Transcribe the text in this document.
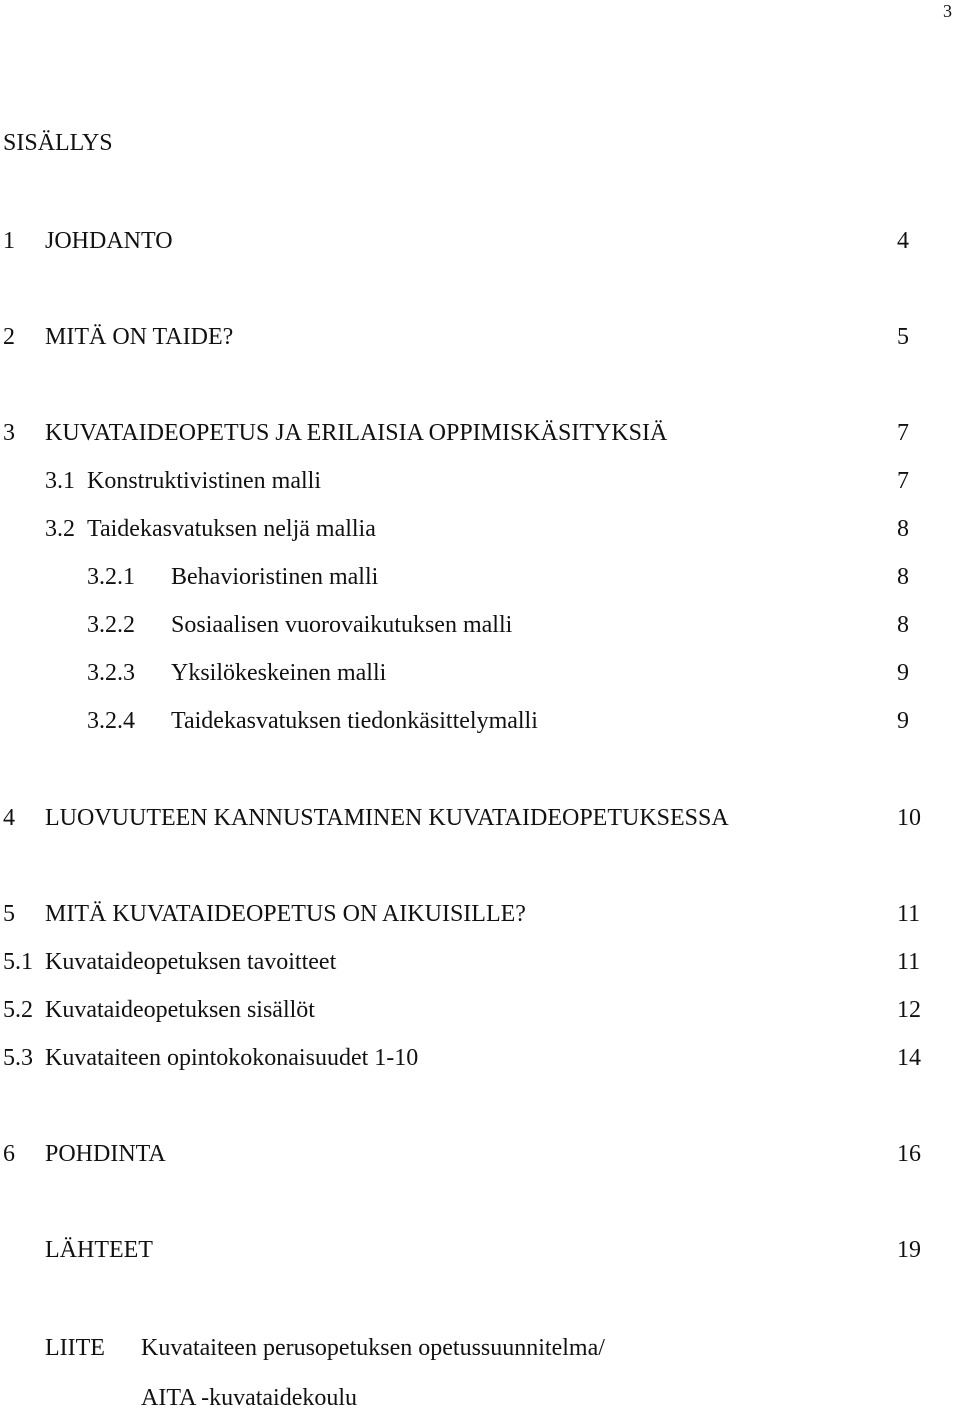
3
SISÄLLYS
1 JOHDANTO	4
2 MITÄ ON TAIDE?	5
3 KUVATAIDEOPETUS JA ERILAISIA OPPIMISKÄSITYKSIÄ	7
3.1 Konstruktivistinen malli	7
3.2 Taidekasvatuksen neljä mallia	8
3.2.1 Behavioristinen malli	8
3.2.2 Sosiaalisen vuorovaikutuksen malli	8
3.2.3 Yksilökeskeinen malli	9
3.2.4 Taidekasvatuksen tiedonkäsittelymalli	9
4 LUOVUUTEEN KANNUSTAMINEN KUVATAIDEOPETUKSESSA	10
5 MITÄ KUVATAIDEOPETUS ON AIKUISILLE?	11
5.1 Kuvataideopetuksen tavoitteet	11
5.2 Kuvataideopetuksen sisällöt	12
5.3 Kuvataiteen opintokokonaisuudet 1-10	14
6 POHDINTA	16
LÄHTEET	19
LIITE Kuvataiteen perusopetuksen opetussuunnitelma/
AITA -kuvataidekoulu
